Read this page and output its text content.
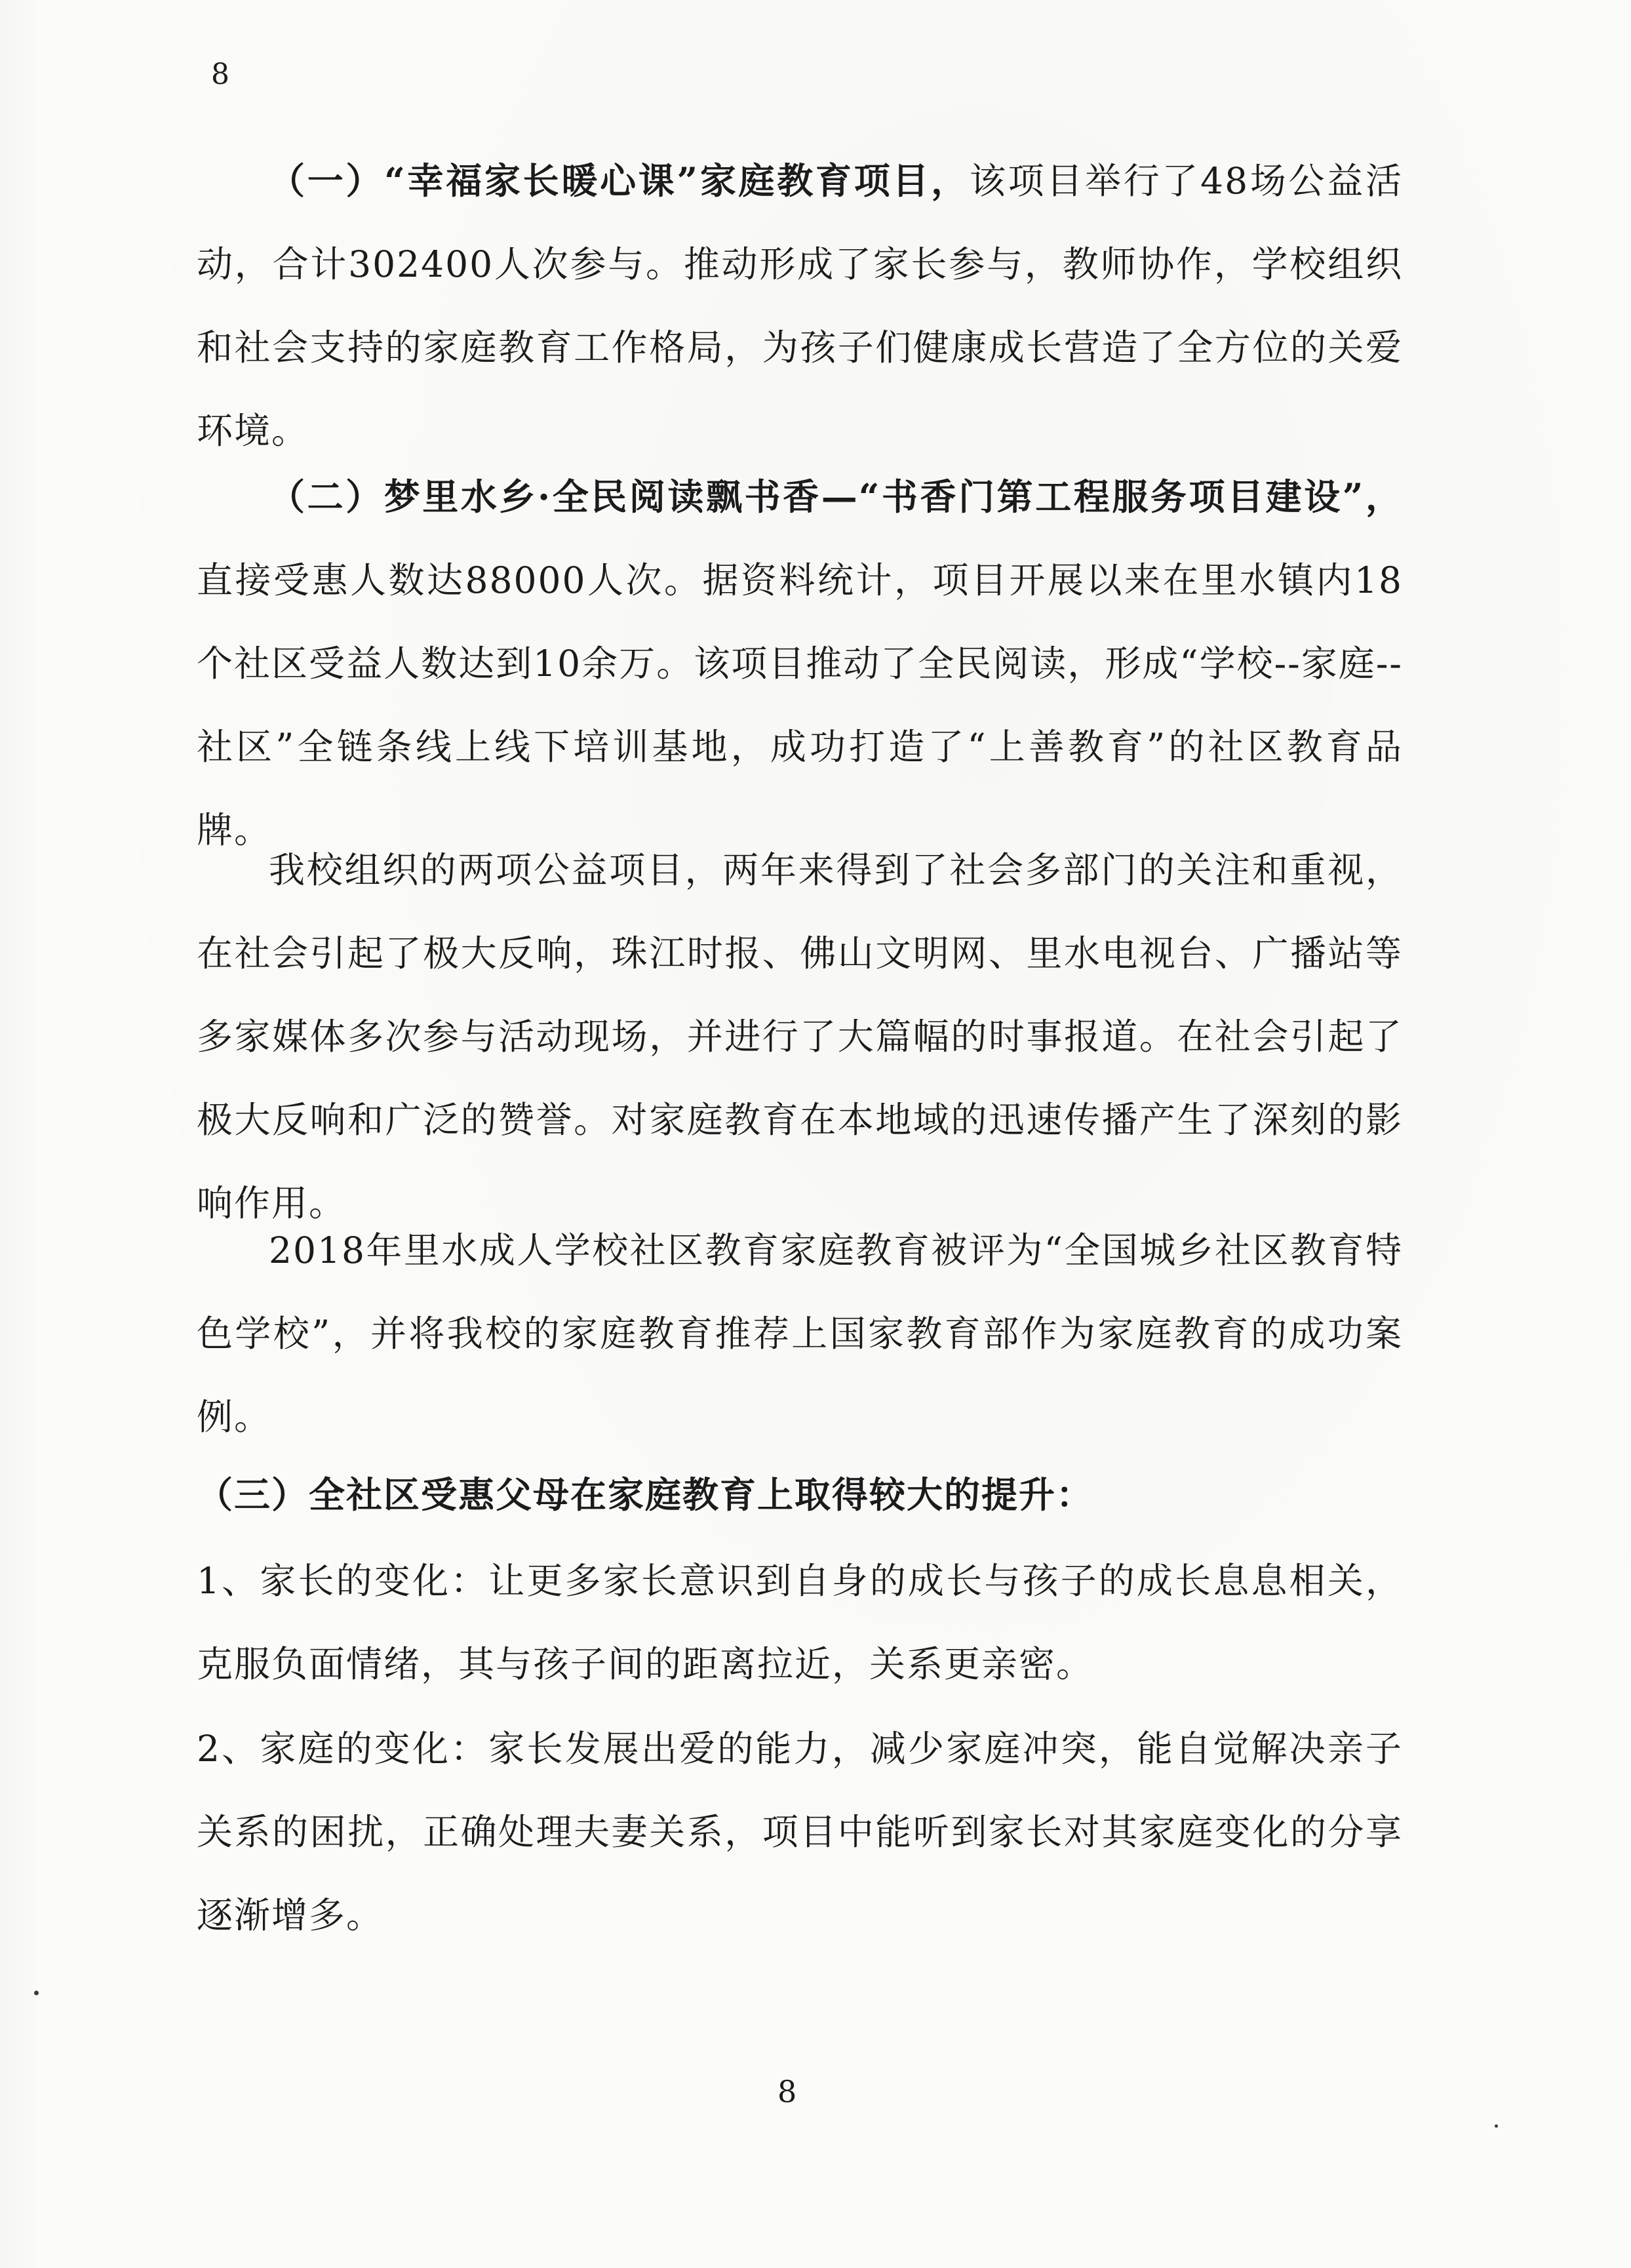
8
（一）“幸福家长暖心课”家庭教育项目，该项目举行了48场公益活动，合计302400人次参与。推动形成了家长参与，教师协作，学校组织和社会支持的家庭教育工作格局，为孩子们健康成长营造了全方位的关爱环境。
（二）梦里水乡·全民阅读飘书香—“书香门第工程服务项目建设”，直接受惠人数达88000人次。据资料统计，项目开展以来在里水镇内18个社区受益人数达到10余万。该项目推动了全民阅读，形成“学校--家庭--社区”全链条线上线下培训基地，成功打造了“上善教育”的社区教育品牌。
我校组织的两项公益项目，两年来得到了社会多部门的关注和重视，在社会引起了极大反响，珠江时报、佛山文明网、里水电视台、广播站等多家媒体多次参与活动现场，并进行了大篇幅的时事报道。在社会引起了极大反响和广泛的赞誉。对家庭教育在本地域的迅速传播产生了深刻的影响作用。
2018年里水成人学校社区教育家庭教育被评为“全国城乡社区教育特色学校”，并将我校的家庭教育推荐上国家教育部作为家庭教育的成功案例。
（三）全社区受惠父母在家庭教育上取得较大的提升：
1、家长的变化：让更多家长意识到自身的成长与孩子的成长息息相关，克服负面情绪，其与孩子间的距离拉近，关系更亲密。
2、家庭的变化：家长发展出爱的能力，减少家庭冲突，能自觉解决亲子关系的困扰，正确处理夫妻关系，项目中能听到家长对其家庭变化的分享逐渐增多。
8
